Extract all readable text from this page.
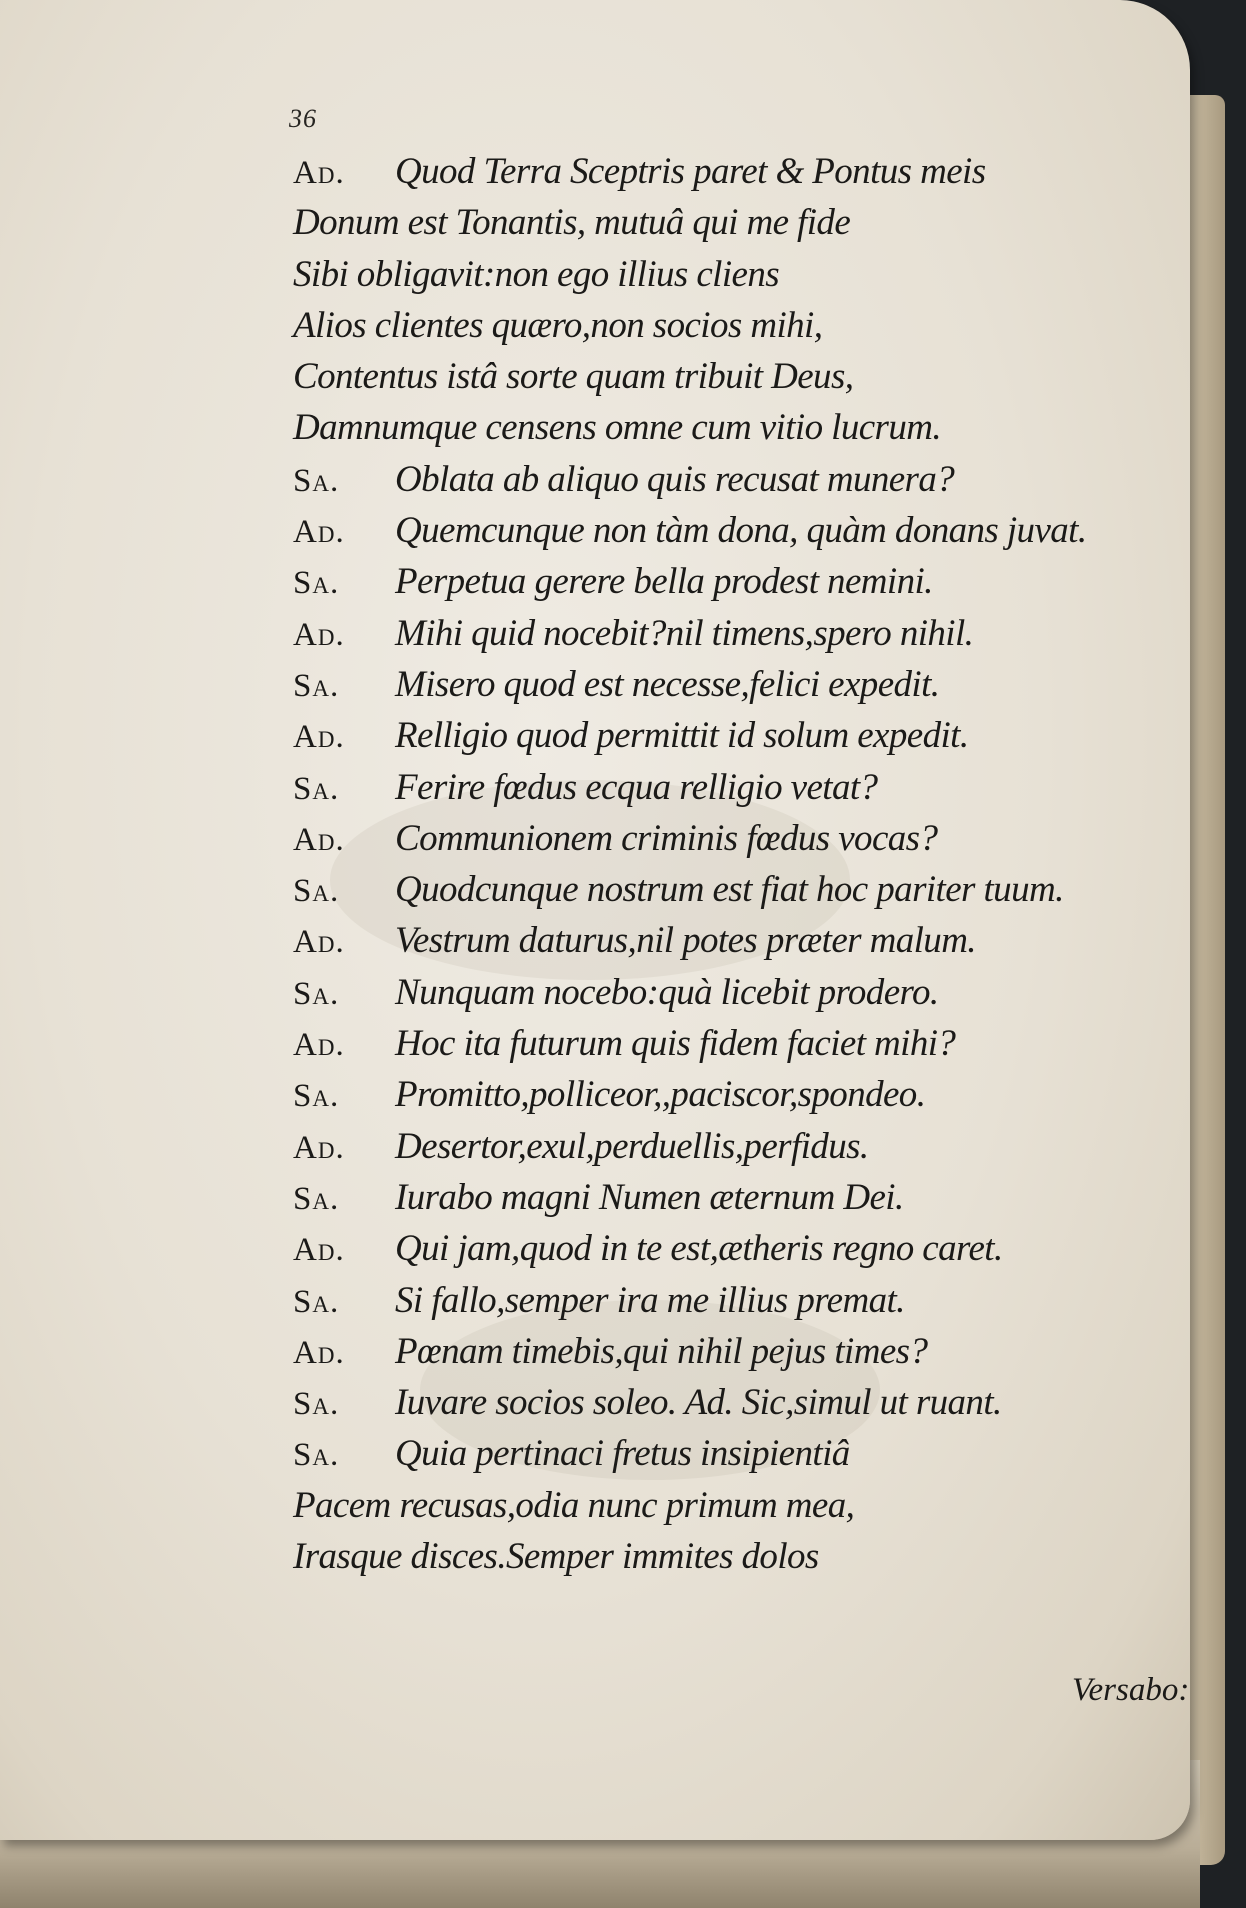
36
Ad.	Quod Terra Sceptris paret & Pontus meis
Donum est Tonantis, mutuâ qui me fide
Sibi obligavit:non ego illius cliens
Alios clientes quæro,non socios mihi,
Contentus istâ sorte quam tribuit Deus,
Damnumque censens omne cum vitio lucrum.
Sa.	Oblata ab aliquo quis recusat munera?
Ad.	Quemcunque non tàm dona, quàm donans juvat.
Sa.	Perpetua gerere bella prodest nemini.
Ad.	Mihi quid nocebit?nil timens,spero nihil.
Sa.	Misero quod est necesse,felici expedit.
Ad.	Relligio quod permittit id solum expedit.
Sa.	Ferire fœdus ecqua relligio vetat?
Ad.	Communionem criminis fœdus vocas?
Sa.	Quodcunque nostrum est fiat hoc pariter tuum.
Ad.	Vestrum daturus,nil potes præter malum.
Sa.	Nunquam nocebo:quà licebit prodero.
Ad.	Hoc ita futurum quis fidem faciet mihi?
Sa.	Promitto,polliceor,,paciscor,spondeo.
Ad.	Desertor,exul,perduellis,perfidus.
Sa.	Iurabo magni Numen æternum Dei.
Ad.	Qui jam,quod in te est,ætheris regno caret.
Sa.	Si fallo,semper ira me illius premat.
Ad.	Pœnam timebis,qui nihil pejus times?
Sa.	Iuvare socios soleo. Ad. Sic,simul ut ruant.
Sa.	Quia pertinaci fretus insipientiâ
Pacem recusas,odia nunc primum mea,
Irasque disces.Semper immites dolos
Versabo:
